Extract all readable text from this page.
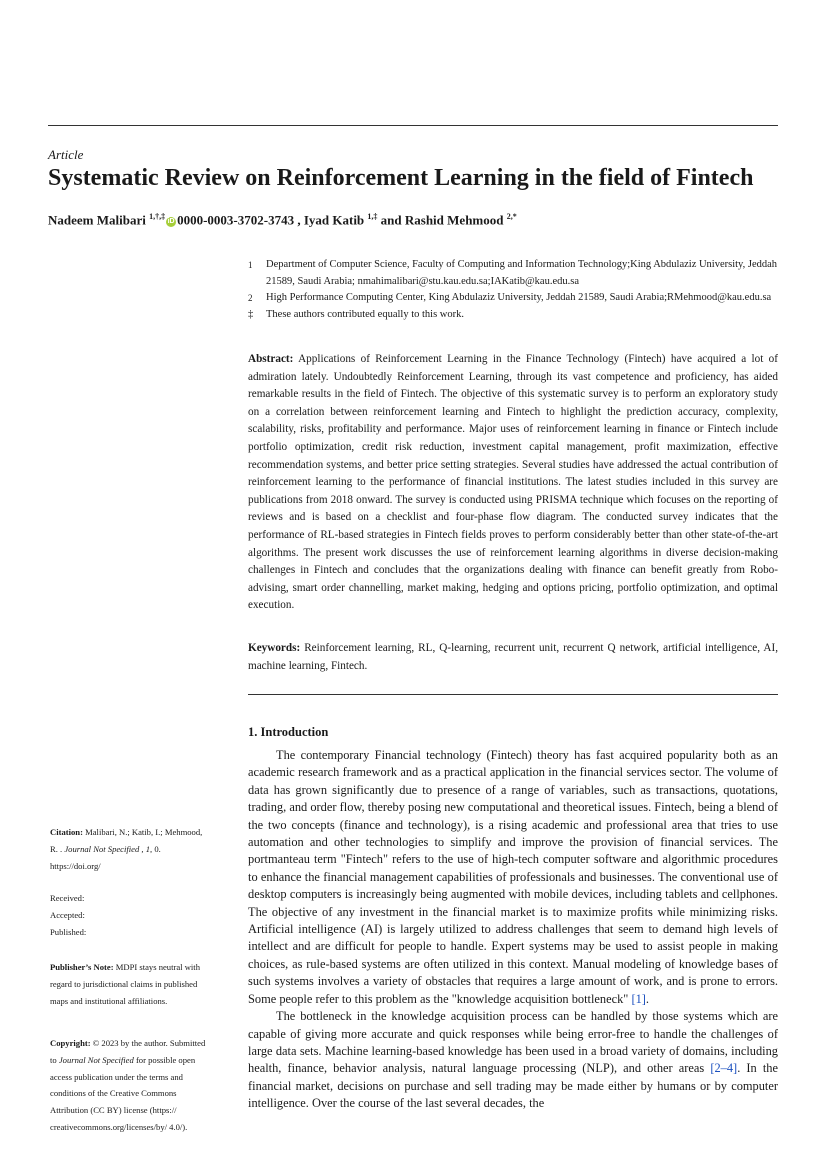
Article
Systematic Review on Reinforcement Learning in the field of Fintech
Nadeem Malibari $^{1,\dagger,\ddagger}$iD 0000-0003-3702-3743 , Iyad Katib $^{1,\ddagger}$ and Rashid Mehmood $^{2,*}$
1	Department of Computer Science, Faculty of Computing and Information Technology;King Abdulaziz University, Jeddah 21589, Saudi Arabia; nmahimalibari@stu.kau.edu.sa;IAKatib@kau.edu.sa
2	High Performance Computing Center, King Abdulaziz University, Jeddah 21589, Saudi Arabia;RMehmood@kau.edu.sa
‡	These authors contributed equally to this work.

Abstract: Applications of Reinforcement Learning in the Finance Technology (Fintech) have acquired a lot of admiration lately. Undoubtedly Reinforcement Learning, through its vast competence and proficiency, has aided remarkable results in the field of Fintech. The objective of this systematic survey is to perform an exploratory study on a correlation between reinforcement learning and Fintech to highlight the prediction accuracy, complexity, scalability, risks, profitability and performance. Major uses of reinforcement learning in finance or Fintech include portfolio optimization, credit risk reduction, investment capital management, profit maximization, effective recommendation systems, and better price setting strategies. Several studies have addressed the actual contribution of reinforcement learning to the performance of financial institutions. The latest studies included in this survey are publications from 2018 onward. The survey is conducted using PRISMA technique which focuses on the reporting of reviews and is based on a checklist and four-phase flow diagram. The conducted survey indicates that the performance of RL-based strategies in Fintech fields proves to perform considerably better than other state-of-the-art algorithms. The present work discusses the use of reinforcement learning algorithms in diverse decision-making challenges in Fintech and concludes that the organizations dealing with finance can benefit greatly from Robo-advising, smart order channelling, market making, hedging and options pricing, portfolio optimization, and optimal execution.

Keywords: Reinforcement learning, RL, Q-learning, recurrent unit, recurrent Q network, artificial intelligence, AI, machine learning, Fintech.

1. Introduction

The contemporary Financial technology (Fintech) theory has fast acquired popularity both as an academic research framework and as a practical application in the financial services sector. The volume of data has grown significantly due to presence of a range of variables, such as transactions, quotations, trading, and order flow, thereby posing new computational and theoretical issues. Fintech, being a blend of the two concepts (finance and technology), is a rising academic and professional area that tries to use automation and other technologies to simplify and improve the provision of financial services. The portmanteau term "Fintech" refers to the use of high-tech computer software and algorithmic procedures to enhance the financial management capabilities of professionals and businesses. The conventional use of desktop computers is increasingly being augmented with mobile devices, including tablets and cellphones. The objective of any investment in the financial market is to maximize profits while minimizing risks. Artificial intelligence (AI) is largely utilized to address challenges that seem to demand high levels of intellect and are difficult for people to handle. Expert systems may be used to assist people in making choices, as rule-based systems are often utilized in this context. Manual modeling of knowledge bases of such systems involves a variety of obstacles that requires a large amount of work, and is prone to errors. Some people refer to this problem as the "knowledge acquisition bottleneck" [1].

The bottleneck in the knowledge acquisition process can be handled by those systems which are capable of giving more accurate and quick responses while being error-free to handle the challenges of large data sets. Machine learning-based knowledge has been used in a broad variety of domains, including health, finance, behavior analysis, natural language processing (NLP), and other areas [2–4]. In the financial market, decisions on purchase and sell trading may be made either by humans or by computer intelligence. Over the course of the last several decades, the

Citation: Malibari, N.; Katib, I.; Mehmood, R. . Journal Not Specified , 1, 0. https://doi.org/
Received:
Accepted:
Published:
Publisher’s Note: MDPI stays neutral with regard to jurisdictional claims in published maps and institutional affiliations.
Copyright: © 2023 by the author. Submitted to Journal Not Specified for possible open access publication under the terms and conditions of the Creative Commons Attribution (CC BY) license (https:// creativecommons.org/licenses/by/ 4.0/).
